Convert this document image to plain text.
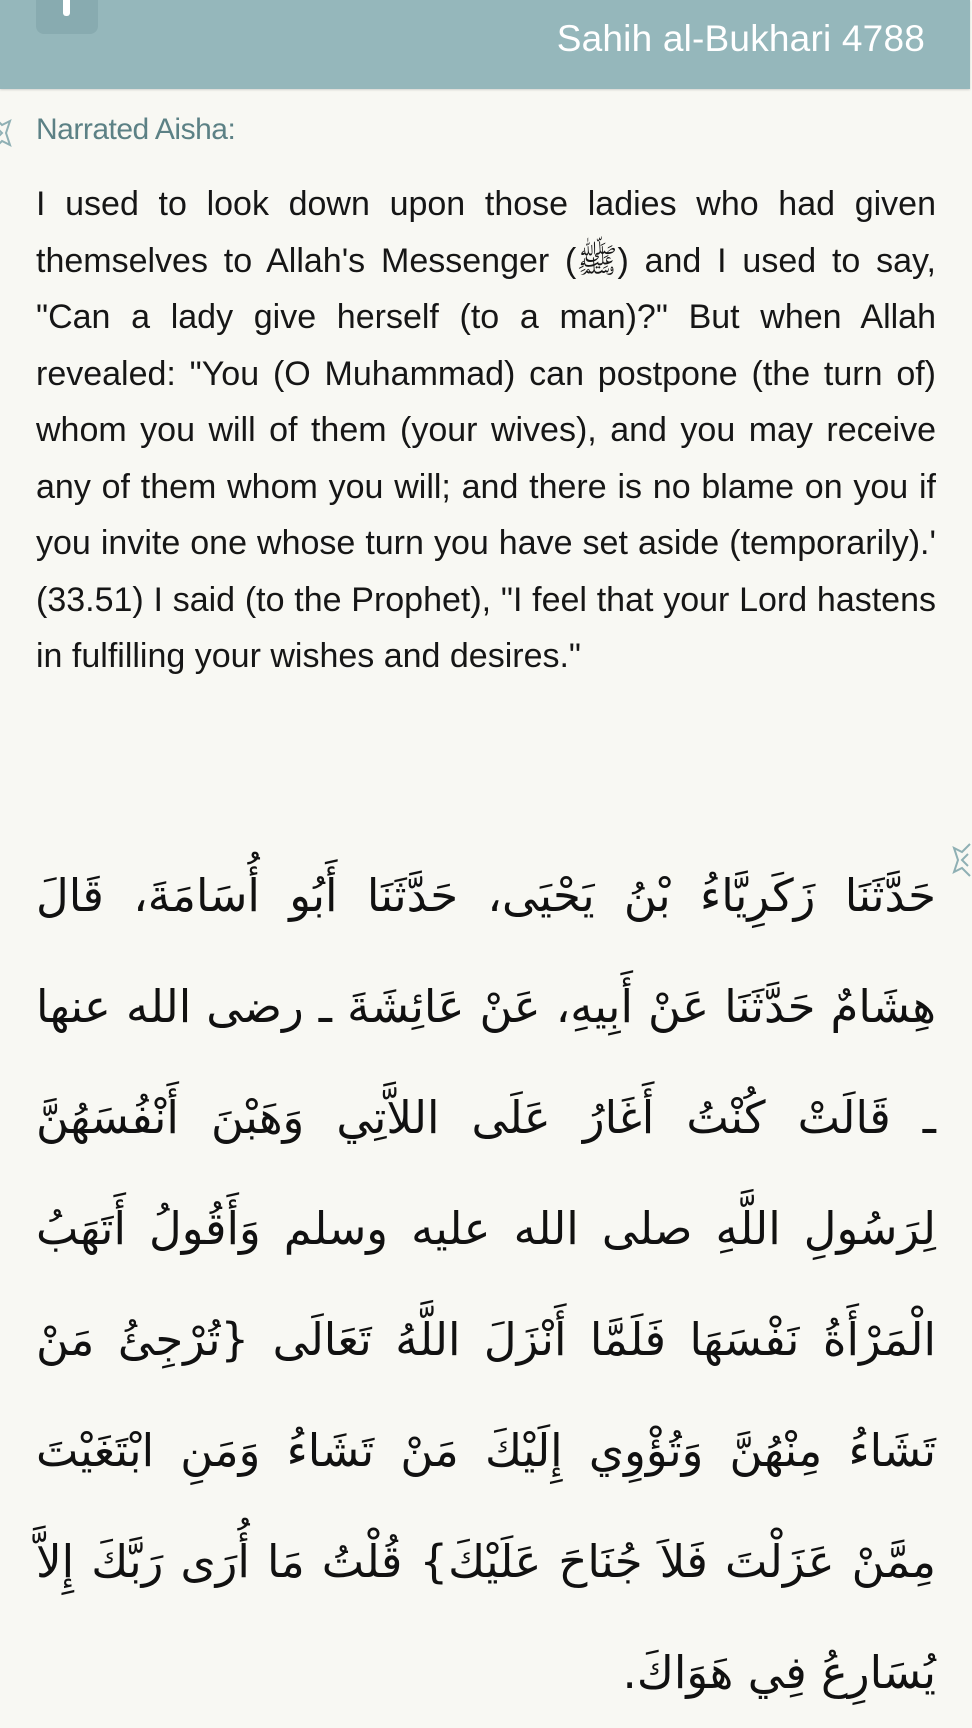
Sahih al-Bukhari 4788
Narrated Aisha:

I used to look down upon those ladies who had given themselves to Allah's Messenger (ﷺ) and I used to say, "Can a lady give herself (to a man)?" But when Allah revealed: "You (O Muhammad) can postpone (the turn of) whom you will of them (your wives), and you may receive any of them whom you will; and there is no blame on you if you invite one whose turn you have set aside (temporarily).' (33.51) I said (to the Prophet), "I feel that your Lord hastens in fulfilling your wishes and desires."

حَدَّثَنَا زَكَرِيَّاءُ بْنُ يَحْيَى، حَدَّثَنَا أَبُو أُسَامَةَ، قَالَ هِشَامٌ حَدَّثَنَا عَنْ أَبِيهِ، عَنْ عَائِشَةَ ـ رضى الله عنها ـ قَالَتْ كُنْتُ أَغَارُ عَلَى اللاَّتِي وَهَبْنَ أَنْفُسَهُنَّ لِرَسُولِ اللَّهِ صلى الله عليه وسلم وَأَقُولُ أَتَهَبُ الْمَرْأَةُ نَفْسَهَا فَلَمَّا أَنْزَلَ اللَّهُ تَعَالَى {تُرْجِئُ مَنْ تَشَاءُ مِنْهُنَّ وَتُؤْوِي إِلَيْكَ مَنْ تَشَاءُ وَمَنِ ابْتَغَيْتَ مِمَّنْ عَزَلْتَ فَلاَ جُنَاحَ عَلَيْكَ} قُلْتُ مَا أُرَى رَبَّكَ إِلاَّ يُسَارِعُ فِي هَوَاكَ.
